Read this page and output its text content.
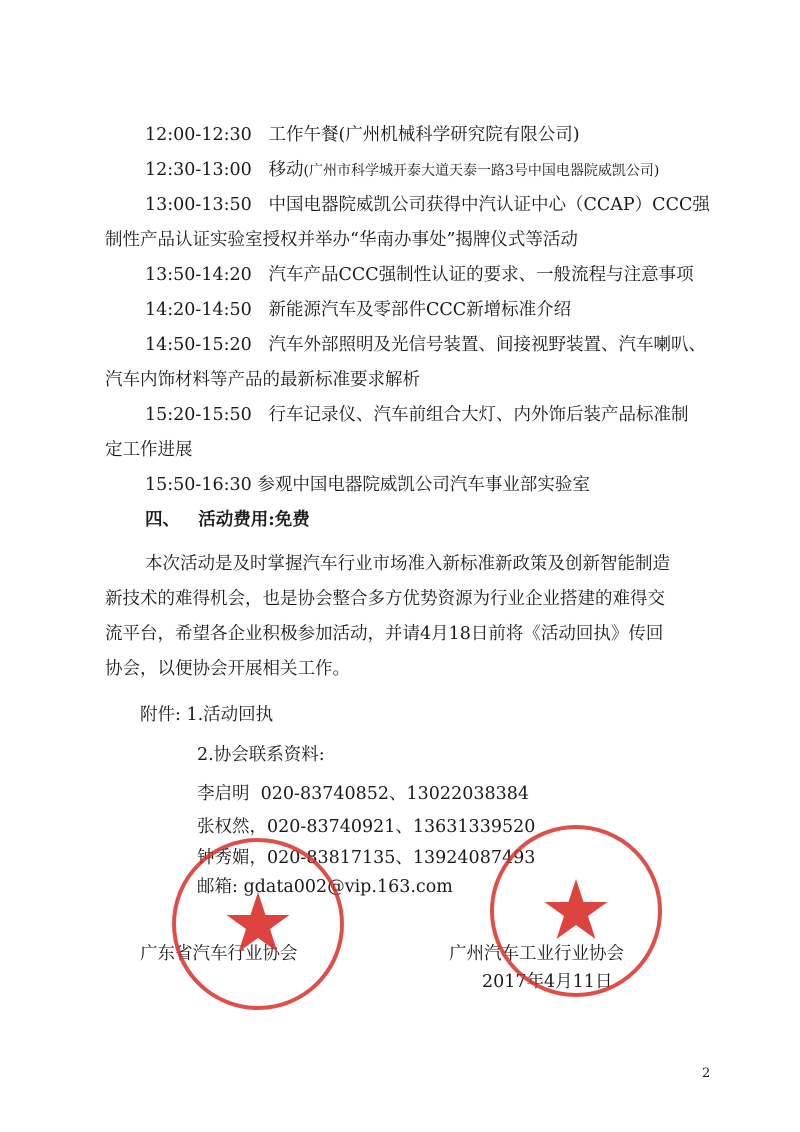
12:00-12:30 工作午餐(广州机械科学研究院有限公司)
12:30-13:00 移动(广州市科学城开泰大道天泰一路3号中国电器院威凯公司)
13:00-13:50 中国电器院威凯公司获得中汽认证中心（CCAP）CCC强
制性产品认证实验室授权并举办“华南办事处”揭牌仪式等活动
13:50-14:20 汽车产品CCC强制性认证的要求、一般流程与注意事项
14:20-14:50 新能源汽车及零部件CCC新增标准介绍
14:50-15:20 汽车外部照明及光信号装置、间接视野装置、汽车喇叭、
汽车内饰材料等产品的最新标准要求解析
15:20-15:50 行车记录仪、汽车前组合大灯、内外饰后装产品标准制
定工作进展
15:50-16:30 参观中国电器院威凯公司汽车事业部实验室
四、 活动费用:免费
本次活动是及时掌握汽车行业市场准入新标准新政策及创新智能制造
新技术的难得机会，也是协会整合多方优势资源为行业企业搭建的难得交
流平台，希望各企业积极参加活动，并请4月18日前将《活动回执》传回
协会，以便协会开展相关工作。
附件: 1.活动回执
2.协会联系资料:
李启明 020-83740852、13022038384
张权然，020-83740921、13631339520
钟秀媚，020-83817135、13924087493
邮箱: gdata002@vip.163.com
广东省汽车行业协会	广州汽车工业行业协会
2017年4月11日
2
